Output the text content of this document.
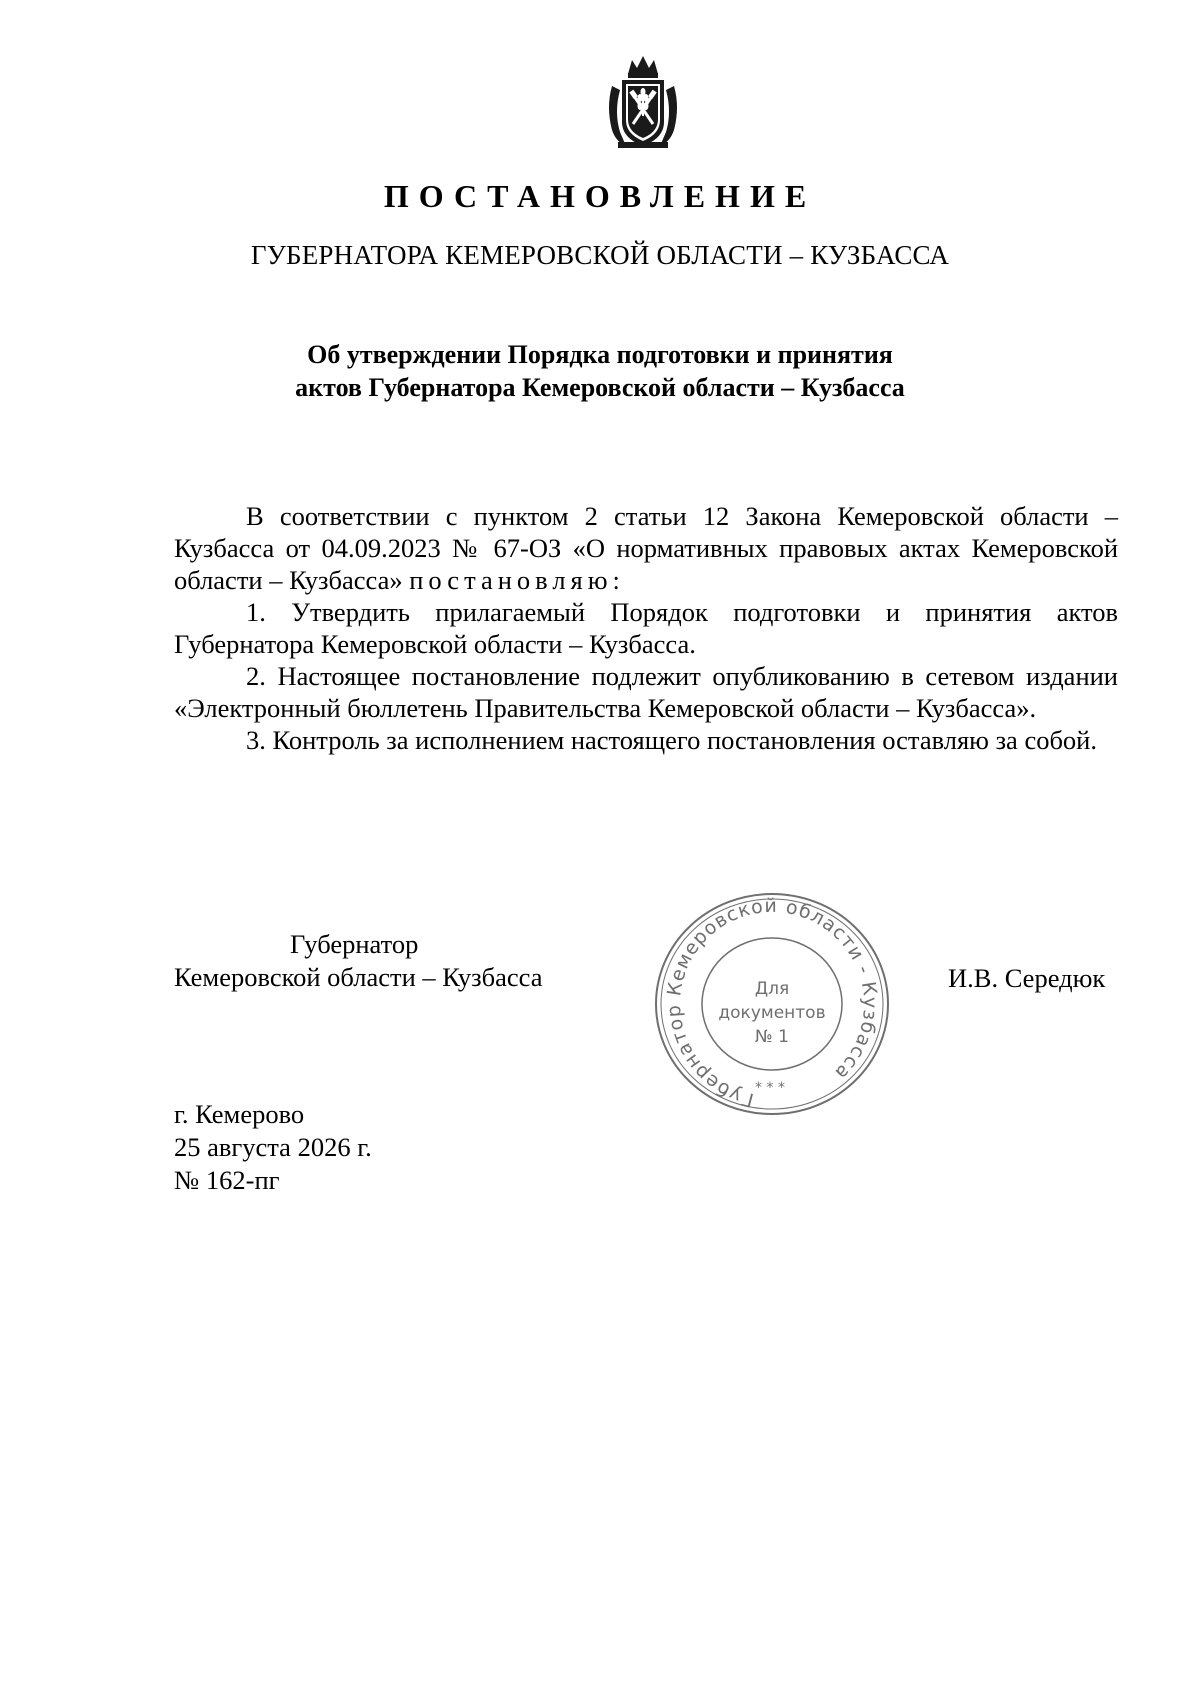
ПОСТАНОВЛЕНИЕ
ГУБЕРНАТОРА КЕМЕРОВСКОЙ ОБЛАСТИ – КУЗБАССА
Об утверждении Порядка подготовки и принятия
актов Губернатора Кемеровской области – Кузбасса

В соответствии с пунктом 2 статьи 12 Закона Кемеровской области – Кузбасса от 04.09.2023 № 67-ОЗ «О нормативных правовых актах Кемеровской области – Кузбасса» постановляю:

1. Утвердить прилагаемый Порядок подготовки и принятия актов Губернатора Кемеровской области – Кузбасса.

2. Настоящее постановление подлежит опубликованию в сетевом издании «Электронный бюллетень Правительства Кемеровской области – Кузбасса».

3. Контроль за исполнением настоящего постановления оставляю за собой.

Губернатор
Кемеровской области – Кузбасса
Губернатор Кемеровской области - Кузбасса
Для
документов
№ 1
* * *
И.В. Середюк
г. Кемерово
25 августа 2026 г.
№ 162-пг
